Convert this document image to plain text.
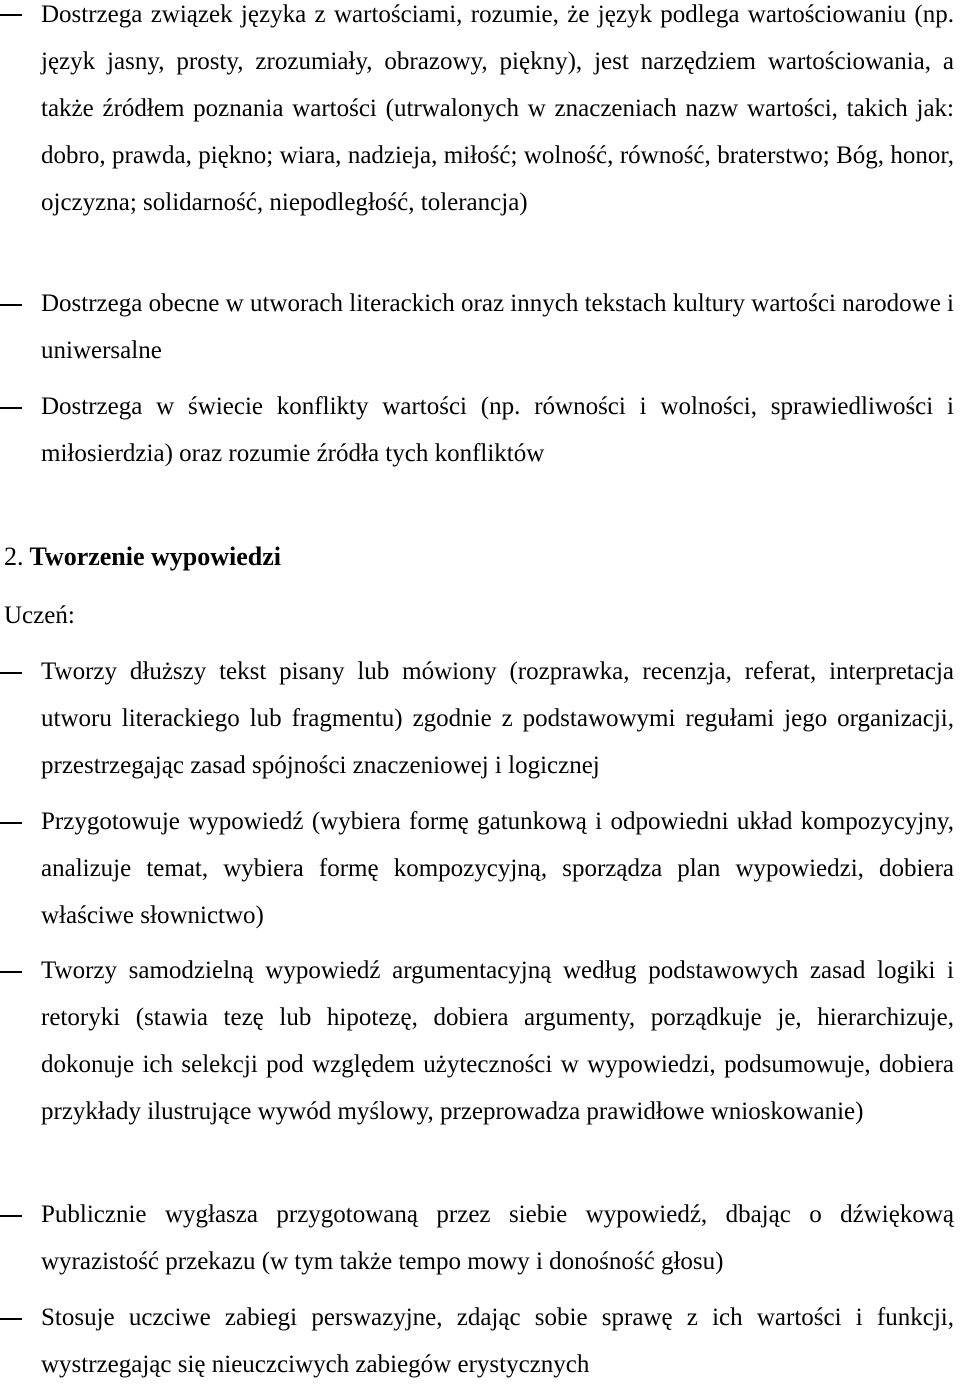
Dostrzega związek języka z wartościami, rozumie, że język podlega wartościowaniu (np. język jasny, prosty, zrozumiały, obrazowy, piękny), jest narzędziem wartościowania, a także źródłem poznania wartości (utrwalonych w znaczeniach nazw wartości, takich jak: dobro, prawda, piękno; wiara, nadzieja, miłość; wolność, równość, braterstwo; Bóg, honor, ojczyzna; solidarność, niepodległość, tolerancja)
Dostrzega obecne w utworach literackich oraz innych tekstach kultury wartości narodowe i uniwersalne
Dostrzega w świecie konflikty wartości (np. równości i wolności, sprawiedliwości i miłosierdzia) oraz rozumie źródła tych konfliktów
2. Tworzenie wypowiedzi
Uczeń:
Tworzy dłuższy tekst pisany lub mówiony (rozprawka, recenzja, referat, interpretacja utworu literackiego lub fragmentu) zgodnie z podstawowymi regułami jego organizacji, przestrzegając zasad spójności znaczeniowej i logicznej
Przygotowuje wypowiedź (wybiera formę gatunkową i odpowiedni układ kompozycyjny, analizuje temat, wybiera formę kompozycyjną, sporządza plan wypowiedzi, dobiera właściwe słownictwo)
Tworzy samodzielną wypowiedź argumentacyjną według podstawowych zasad logiki i retoryki (stawia tezę lub hipotezę, dobiera argumenty, porządkuje je, hierarchizuje, dokonuje ich selekcji pod względem użyteczności w wypowiedzi, podsumowuje, dobiera przykłady ilustrujące wywód myślowy, przeprowadza prawidłowe wnioskowanie)
Publicznie wygłasza przygotowaną przez siebie wypowiedź, dbając o dźwiękową wyrazistość przekazu (w tym także tempo mowy i donośność głosu)
Stosuje uczciwe zabiegi perswazyjne, zdając sobie sprawę z ich wartości i funkcji, wystrzegając się nieuczciwych zabiegów erystycznych
